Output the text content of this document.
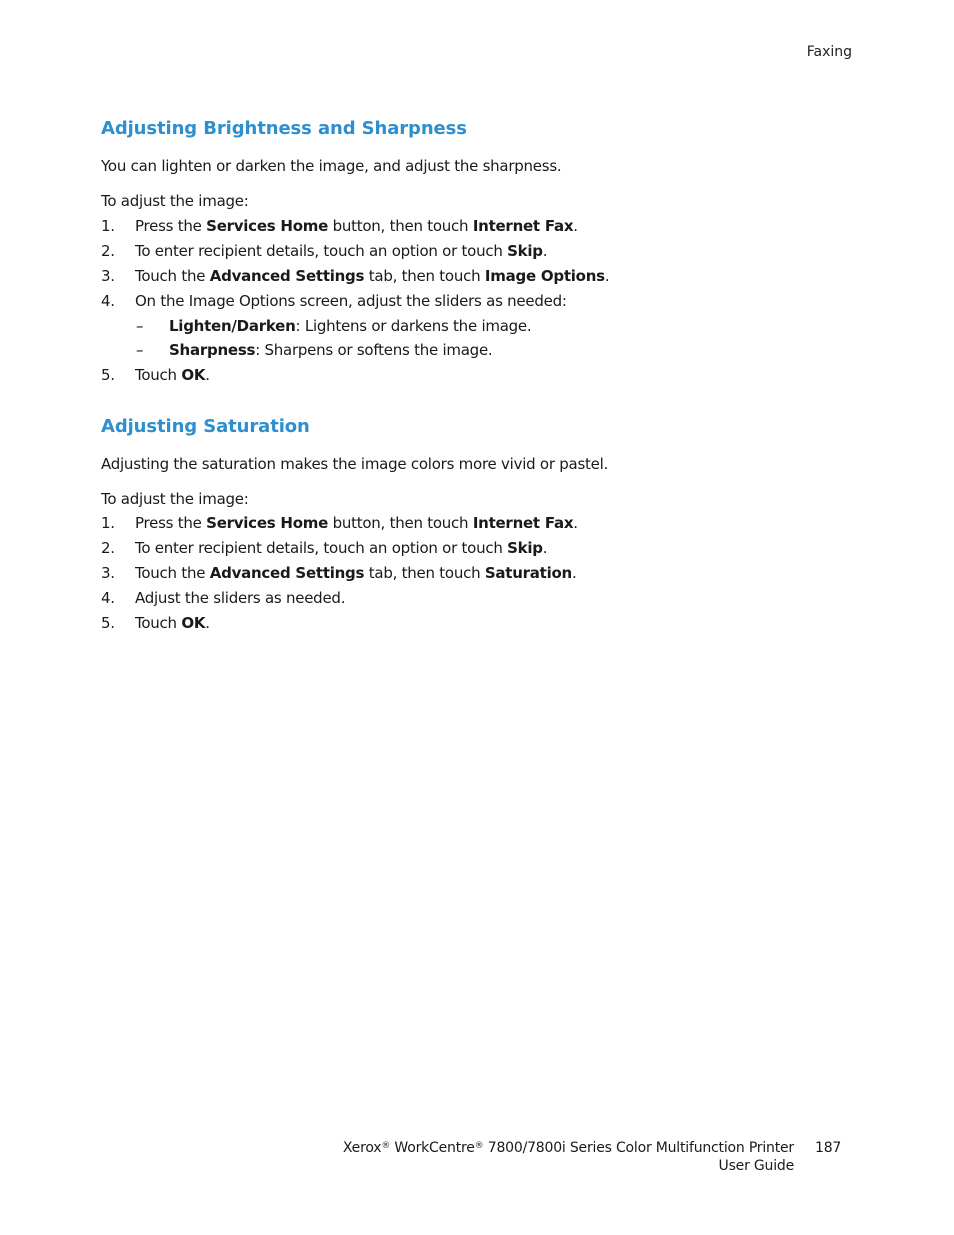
Faxing
Adjusting Brightness and Sharpness

You can lighten or darken the image, and adjust the sharpness.

To adjust the image:

1. Press the Services Home button, then touch Internet Fax.
2. To enter recipient details, touch an option or touch Skip.
3. Touch the Advanced Settings tab, then touch Image Options.
4. On the Image Options screen, adjust the sliders as needed:
– Lighten/Darken: Lightens or darkens the image.
– Sharpness: Sharpens or softens the image.
5. Touch OK.
Adjusting Saturation

Adjusting the saturation makes the image colors more vivid or pastel.

To adjust the image:

1. Press the Services Home button, then touch Internet Fax.
2. To enter recipient details, touch an option or touch Skip.
3. Touch the Advanced Settings tab, then touch Saturation.
4. Adjust the sliders as needed.
5. Touch OK.
Xerox® WorkCentre® 7800/7800i Series Color Multifunction Printer
User Guide
187
